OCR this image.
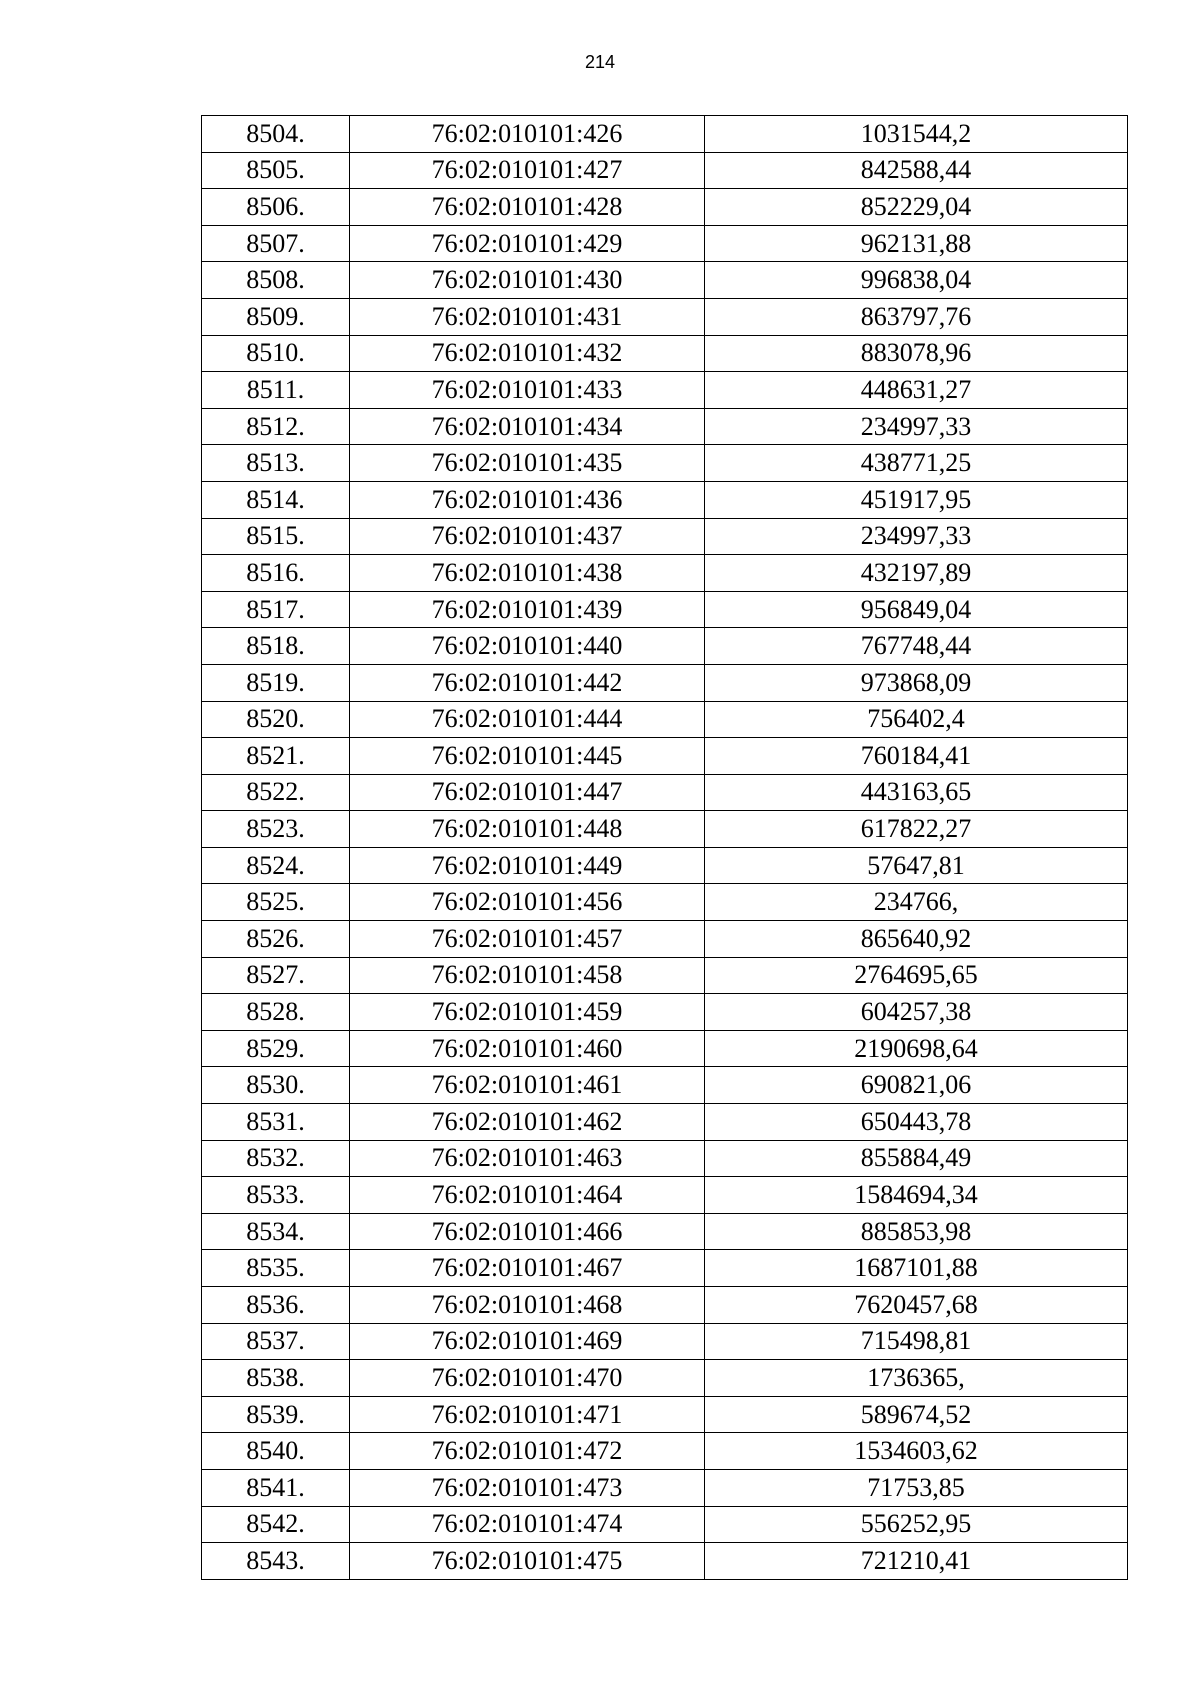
214
8504.	76:02:010101:426	1031544,2
8505.	76:02:010101:427	842588,44
8506.	76:02:010101:428	852229,04
8507.	76:02:010101:429	962131,88
8508.	76:02:010101:430	996838,04
8509.	76:02:010101:431	863797,76
8510.	76:02:010101:432	883078,96
8511.	76:02:010101:433	448631,27
8512.	76:02:010101:434	234997,33
8513.	76:02:010101:435	438771,25
8514.	76:02:010101:436	451917,95
8515.	76:02:010101:437	234997,33
8516.	76:02:010101:438	432197,89
8517.	76:02:010101:439	956849,04
8518.	76:02:010101:440	767748,44
8519.	76:02:010101:442	973868,09
8520.	76:02:010101:444	756402,4
8521.	76:02:010101:445	760184,41
8522.	76:02:010101:447	443163,65
8523.	76:02:010101:448	617822,27
8524.	76:02:010101:449	57647,81
8525.	76:02:010101:456	234766,
8526.	76:02:010101:457	865640,92
8527.	76:02:010101:458	2764695,65
8528.	76:02:010101:459	604257,38
8529.	76:02:010101:460	2190698,64
8530.	76:02:010101:461	690821,06
8531.	76:02:010101:462	650443,78
8532.	76:02:010101:463	855884,49
8533.	76:02:010101:464	1584694,34
8534.	76:02:010101:466	885853,98
8535.	76:02:010101:467	1687101,88
8536.	76:02:010101:468	7620457,68
8537.	76:02:010101:469	715498,81
8538.	76:02:010101:470	1736365,
8539.	76:02:010101:471	589674,52
8540.	76:02:010101:472	1534603,62
8541.	76:02:010101:473	71753,85
8542.	76:02:010101:474	556252,95
8543.	76:02:010101:475	721210,41
